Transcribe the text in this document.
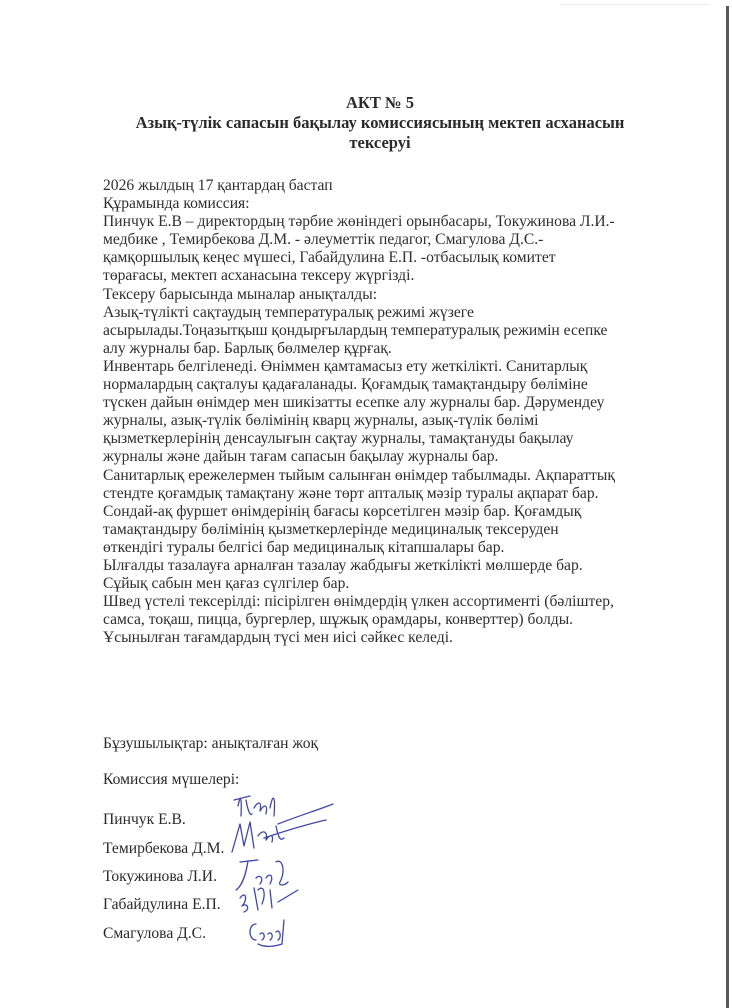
АКТ № 5
Азық-түлік сапасын бақылау комиссиясының мектеп асханасын
тексеруі
2026 жылдың 17 қантардаң бастап
Құрамында комиссия:
Пинчук Е.В – директордың тәрбие жөніндегі орынбасары, Токужинова Л.И.-
медбике , Темирбекова Д.М. - әлеуметтік педагог, Смагулова Д.С.-
қамқоршылық кеңес мүшесі, Габайдулина Е.П. -отбасылық комитет
төрағасы, мектеп асханасына тексеру жүргізді.
Тексеру барысында мыналар анықталды:
Азық-түлікті сақтаудың температуралық режимі жүзеге
асырылады.Тоңазытқыш қондырғылардың температуралық режимін есепке
алу журналы бар. Барлық бөлмелер құрғақ.
Инвентарь белгіленеді. Өніммен қамтамасыз ету жеткілікті. Санитарлық
нормалардың сақталуы қадағаланады. Қоғамдық тамақтандыру бөліміне
түскен дайын өнімдер мен шикізатты есепке алу журналы бар. Дәрумендеу
журналы, азық-түлік бөлімінің кварц журналы, азық-түлік бөлімі
қызметкерлерінің денсаулығын сақтау журналы, тамақтануды бақылау
журналы және дайын тағам сапасын бақылау журналы бар.
Санитарлық ережелермен тыйым салынған өнімдер табылмады. Ақпараттық
стендте қоғамдық тамақтану және төрт апталық мәзір туралы ақпарат бар.
Сондай-ақ фуршет өнімдерінің бағасы көрсетілген мәзір бар. Қоғамдық
тамақтандыру бөлімінің қызметкерлерінде медициналық тексеруден
өткендігі туралы белгісі бар медициналық кітапшалары бар.
Ылғалды тазалауға арналған тазалау жабдығы жеткілікті мөлшерде бар.
Сұйық сабын мен қағаз сүлгілер бар.
Швед үстелі тексерілді: пісірілген өнімдердің үлкен ассортименті (бәліштер,
самса, тоқаш, пицца, бургерлер, шұжық орамдары, конверттер) болды.
Ұсынылған тағамдардың түсі мен иісі сәйкес келеді.
Бұзушылықтар: анықталған жоқ
Комиссия мүшелері:
Пинчук Е.В.
Темирбекова Д.М.
Токужинова Л.И.
Габайдулина Е.П.
Смагулова Д.С.
